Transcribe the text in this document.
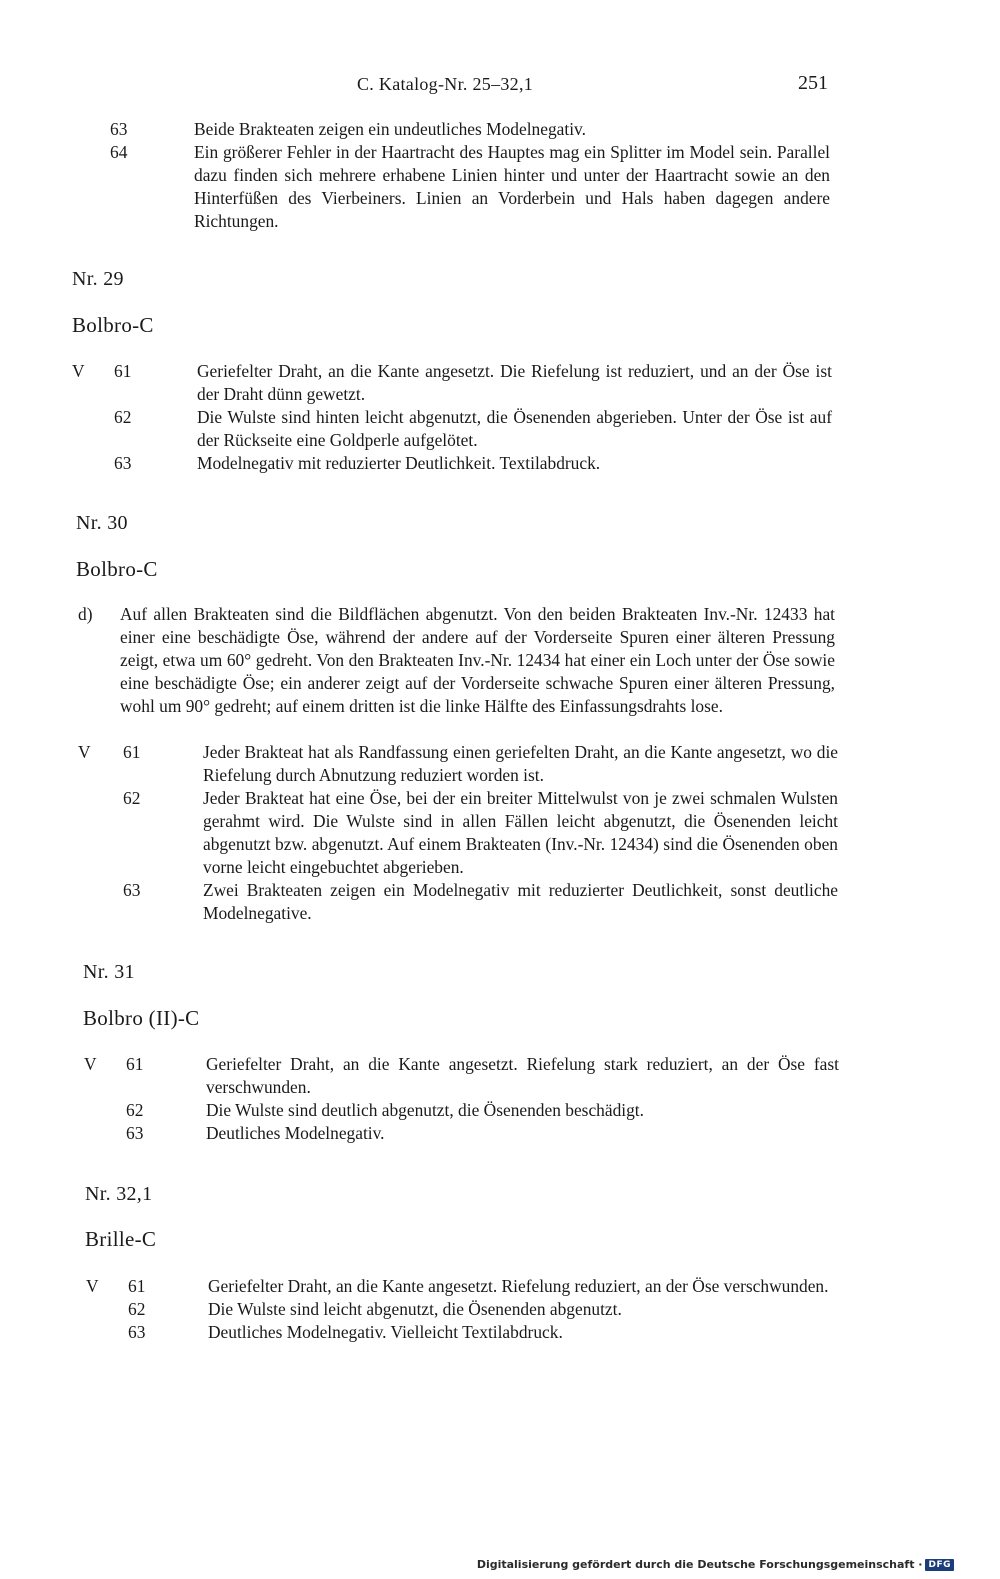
C. Katalog-Nr. 25–32,1	251
63	Beide Brakteaten zeigen ein undeutliches Modelnegativ.
64	Ein größerer Fehler in der Haartracht des Hauptes mag ein Splitter im Model sein. Parallel dazu finden sich mehrere erhabene Linien hinter und unter der Haartracht sowie an den Hinterfüßen des Vierbeiners. Linien an Vorderbein und Hals haben dagegen andere Richtungen.
Nr. 29
Bolbro-C
V 61	Geriefelter Draht, an die Kante angesetzt. Die Riefelung ist reduziert, und an der Öse ist der Draht dünn gewetzt.
62	Die Wulste sind hinten leicht abgenutzt, die Ösenenden abgerieben. Unter der Öse ist auf der Rückseite eine Goldperle aufgelötet.
63	Modelnegativ mit reduzierter Deutlichkeit. Textilabdruck.
Nr. 30
Bolbro-C
d) Auf allen Brakteaten sind die Bildflächen abgenutzt. Von den beiden Brakteaten Inv.-Nr. 12433 hat einer eine beschädigte Öse, während der andere auf der Vorderseite Spuren einer älteren Pressung zeigt, etwa um 60° gedreht. Von den Brakteaten Inv.-Nr. 12434 hat einer ein Loch unter der Öse sowie eine beschädigte Öse; ein anderer zeigt auf der Vorderseite schwache Spuren einer älteren Pressung, wohl um 90° gedreht; auf einem dritten ist die linke Hälfte des Einfassungsdrahts lose.
V 61	Jeder Brakteat hat als Randfassung einen geriefelten Draht, an die Kante angesetzt, wo die Riefelung durch Abnutzung reduziert worden ist.
62	Jeder Brakteat hat eine Öse, bei der ein breiter Mittelwulst von je zwei schmalen Wulsten gerahmt wird. Die Wulste sind in allen Fällen leicht abgenutzt, die Ösenenden leicht abgenutzt bzw. abgenutzt. Auf einem Brakteaten (Inv.-Nr. 12434) sind die Ösenenden oben vorne leicht eingebuchtet abgerieben.
63	Zwei Brakteaten zeigen ein Modelnegativ mit reduzierter Deutlichkeit, sonst deutliche Modelnegative.
Nr. 31
Bolbro (II)-C
V 61	Geriefelter Draht, an die Kante angesetzt. Riefelung stark reduziert, an der Öse fast verschwunden.
62	Die Wulste sind deutlich abgenutzt, die Ösenenden beschädigt.
63	Deutliches Modelnegativ.
Nr. 32,1
Brille-C
V 61	Geriefelter Draht, an die Kante angesetzt. Riefelung reduziert, an der Öse verschwunden.
62	Die Wulste sind leicht abgenutzt, die Ösenenden abgenutzt.
63	Deutliches Modelnegativ. Vielleicht Textilabdruck.
Digitalisierung gefördert durch die Deutsche Forschungsgemeinschaft · DFG
